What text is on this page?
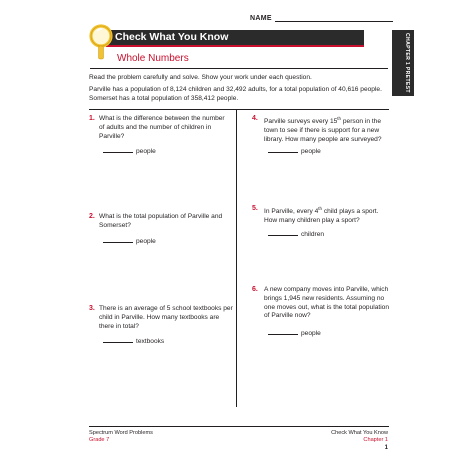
NAME
Check What You Know
Whole Numbers	CHAPTER 1 PRETEST
Read the problem carefully and solve. Show your work under each question.
Parville has a population of 8,124 children and 32,492 adults, for a total population of 40,616 people. Somerset has a total population of 358,412 people.
1. What is the difference between the number of adults and the number of children in Parville?
people
2. What is the total population of Parville and Somerset?
people
3. There is an average of 5 school textbooks per child in Parville. How many textbooks are there in total?
textbooks
4. Parville surveys every 15th person in the town to see if there is support for a new library. How many people are surveyed?
people
5. In Parville, every 4th child plays a sport. How many children play a sport?
children
6. A new company moves into Parville, which brings 1,945 new residents. Assuming no one moves out, what is the total population of Parville now?
people
Spectrum Word Problems
Grade 7
Check What You Know
Chapter 1
1
